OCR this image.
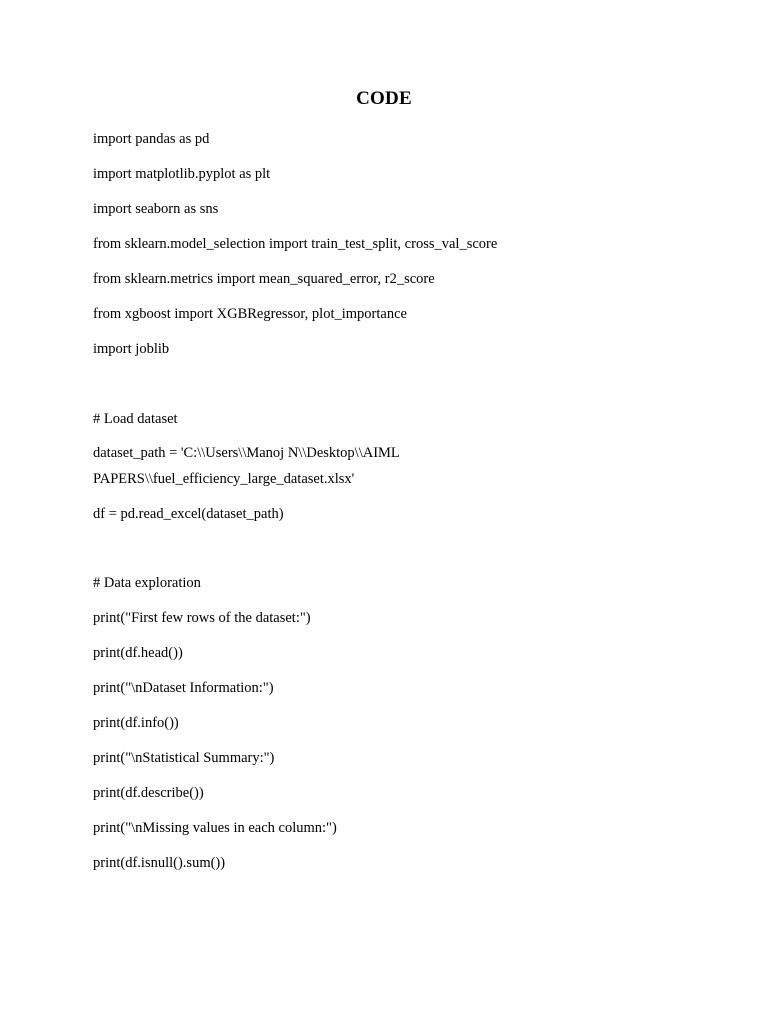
CODE
import pandas as pd
import matplotlib.pyplot as plt
import seaborn as sns
from sklearn.model_selection import train_test_split, cross_val_score
from sklearn.metrics import mean_squared_error, r2_score
from xgboost import XGBRegressor, plot_importance
import joblib
# Load dataset
dataset_path = 'C:\\Users\\Manoj N\\Desktop\\AIML
PAPERS\\fuel_efficiency_large_dataset.xlsx'
df = pd.read_excel(dataset_path)
# Data exploration
print("First few rows of the dataset:")
print(df.head())
print("\nDataset Information:")
print(df.info())
print("\nStatistical Summary:")
print(df.describe())
print("\nMissing values in each column:")
print(df.isnull().sum())
